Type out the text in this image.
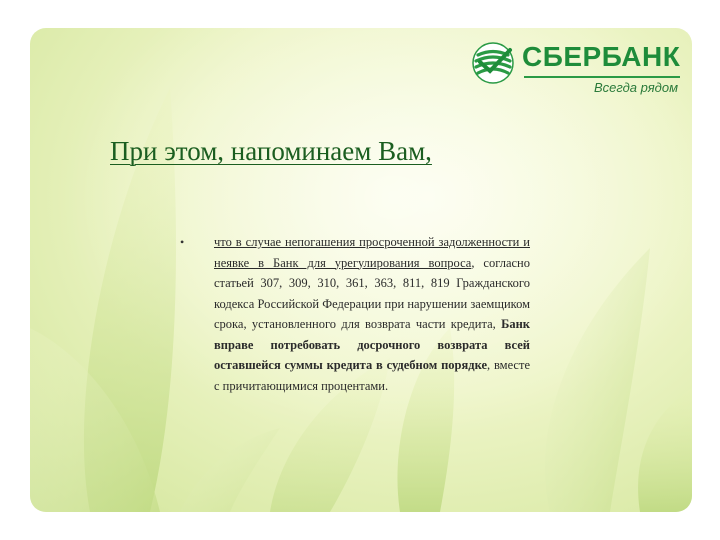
СБЕРБАНК
Всегда рядом
При этом, напоминаем Вам,
• что в случае непогашения просроченной задолженности и неявке в Банк для урегулирования вопроса, согласно статьей 307, 309, 310, 361, 363, 811, 819 Гражданского кодекса Российской Федерации при нарушении заемщиком срока, установленного для возврата части кредита, Банк вправе потребовать досрочного возврата всей оставшейся суммы кредита в судебном порядке, вместе с причитающимися процентами.
